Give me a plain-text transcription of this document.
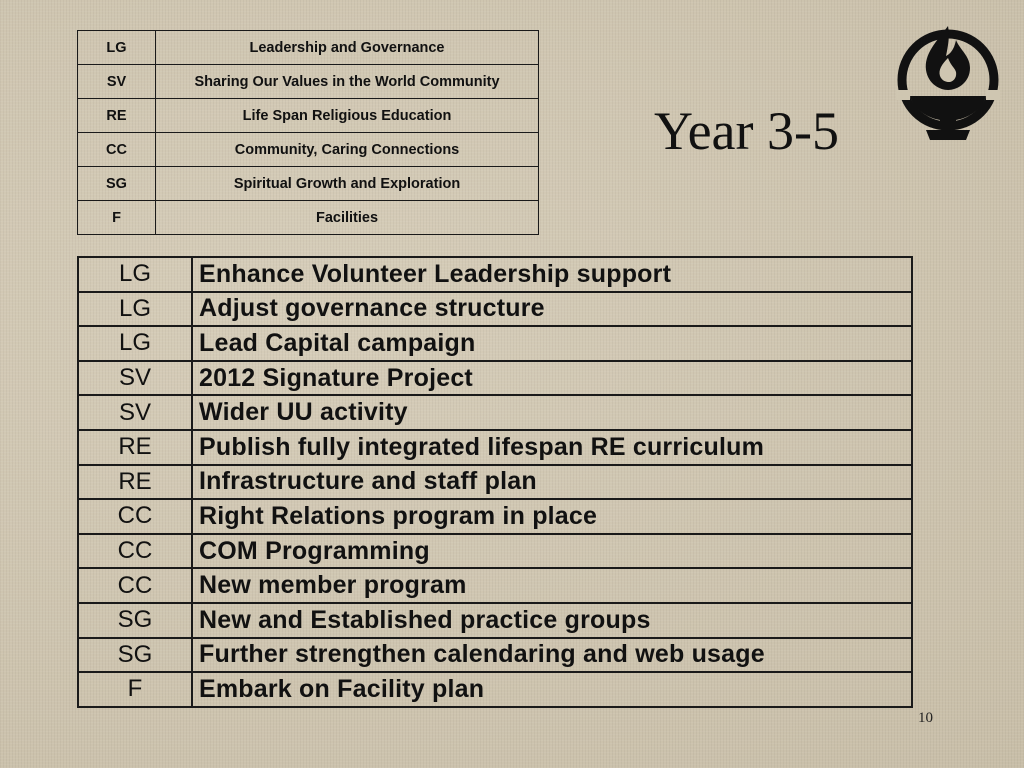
LG	Leadership and Governance
SV	Sharing Our Values in the World Community
RE	Life Span Religious Education
CC	Community, Caring Connections
SG	Spiritual Growth and Exploration
F	Facilities
Year 3-5
LG	Enhance Volunteer Leadership support
LG	Adjust governance structure
LG	Lead Capital campaign
SV	2012 Signature Project
SV	Wider UU activity
RE	Publish fully integrated lifespan RE curriculum
RE	Infrastructure and staff plan
CC	Right Relations program in place
CC	COM Programming
CC	New member program
SG	New and Established practice groups
SG	Further strengthen calendaring and web usage
F	Embark on Facility plan
10
